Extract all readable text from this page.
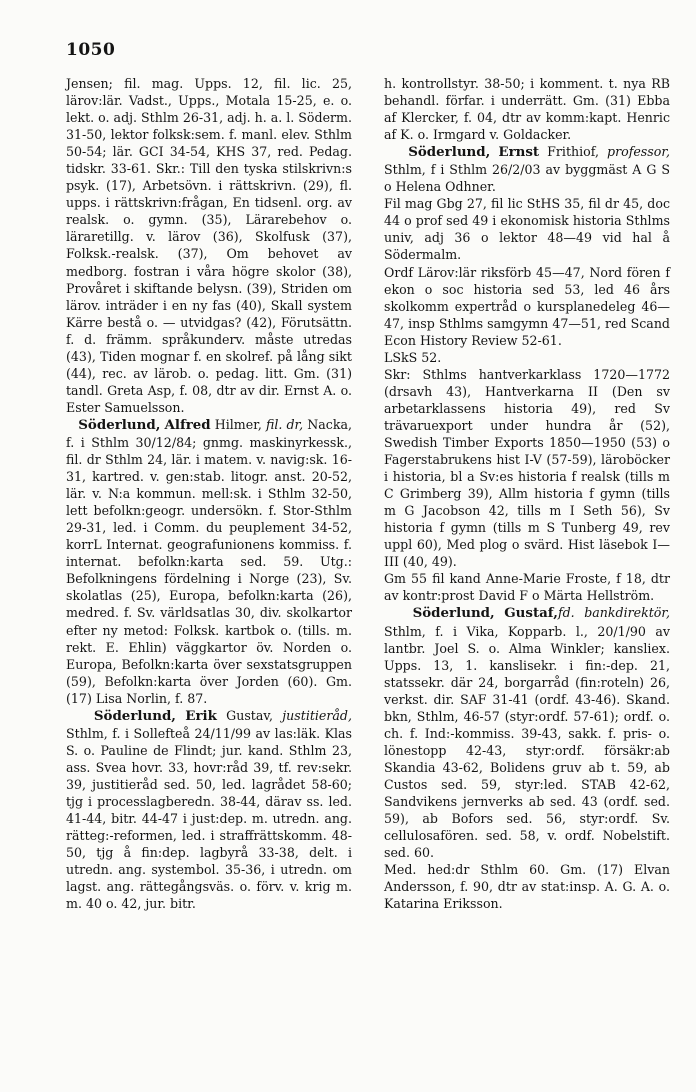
1050

Jensen; fil. mag. Upps. 12, fil. lic. 25, lärov:lär. Vadst., Upps., Motala 15-25, e. o. lekt. o. adj. Sthlm 26-31, adj. h. a. l. Söderm. 31-50, lektor folksk:sem. f. manl. elev. Sthlm 50-54; lär. GCI 34-54, KHS 37, red. Pedag. tidskr. 33-61. Skr.: Till den tyska stilskrivn:s psyk. (17), Arbetsövn. i rättskrivn. (29), fl. upps. i rättskrivn:frågan, En tidsenl. org. av realsk. o. gymn. (35), Lärarebehov o. läraretillg. v. lärov (36), Skolfusk (37), Folksk.-realsk. (37), Om behovet av medborg. fostran i våra högre skolor (38), Provåret i skiftande belysn. (39), Striden om lärov. inträder i en ny fas (40), Skall system Kärre bestå o. — utvidgas? (42), Förutsättn. f. d. främm. språkunderv. måste utredas (43), Tiden mognar f. en skolref. på lång sikt (44), rec. av lärob. o. pedag. litt. Gm. (31) tandl. Greta Asp, f. 08, dtr av dir. Ernst A. o. Ester Samuelsson.

Söderlund, Alfred Hilmer, fil. dr, Nacka, f. i Sthlm 30/12/84; gnmg. maskinyrkessk., fil. dr Sthlm 24, lär. i matem. v. navig:sk. 16-31, kartred. v. gen:stab. litogr. anst. 20-52, lär. v. N:a kommun. mell:sk. i Sthlm 32-50, lett befolkn:geogr. undersökn. f. Stor-Sthlm 29-31, led. i Comm. du peuplement 34-52, korrL Internat. geografunionens kommiss. f. internat. befolkn:karta sed. 59. Utg.: Befolkningens fördelning i Norge (23), Sv. skolatlas (25), Europa, befolkn:karta (26), medred. f. Sv. världsatlas 30, div. skolkartor efter ny metod: Folksk. kartbok o. (tills. m. rekt. E. Ehlin) väggkartor öv. Norden o. Europa, Befolkn:karta över sexstatsgruppen (59), Befolkn:karta över Jorden (60). Gm. (17) Lisa Norlin, f. 87.

Söderlund, Erik Gustav, justitieråd, Sthlm, f. i Sollefteå 24/11/99 av las:läk. Klas S. o. Pauline de Flindt; jur. kand. Sthlm 23, ass. Svea hovr. 33, hovr:råd 39, tf. rev:sekr. 39, justitieråd sed. 50, led. lagrådet 58-60; tjg i processlagberedn. 38-44, därav ss. led. 41-44, bitr. 44-47 i just:dep. m. utredn. ang. rätteg:-reformen, led. i straffrättskomm. 48-50, tjg å fin:dep. lagbyrå 33-38, delt. i utredn. ang. systembol. 35-36, i utredn. om lagst. ang. rättegångsväs. o. förv. v. krig m. m. 40 o. 42, jur. bitr.

h. kontrollstyr. 38-50; i komment. t. nya RB behandl. förfar. i underrätt. Gm. (31) Ebba af Klercker, f. 04, dtr av komm:kapt. Henric af K. o. Irmgard v. Goldacker.

Söderlund, Ernst Frithiof, professor, Sthlm, f i Sthlm 26/2/03 av byggmäst A G S o Helena Odhner.

Fil mag Gbg 27, fil lic StHS 35, fil dr 45, doc 44 o prof sed 49 i ekonomisk historia Sthlms univ, adj 36 o lektor 48—49 vid hal å Södermalm.

Ordf Lärov:lär riksförb 45—47, Nord fören f ekon o soc historia sed 53, led 46 års skolkomm expertråd o kursplanedeleg 46—47, insp Sthlms samgymn 47—51, red Scand Econ History Review 52-61.

LSkS 52.

Skr: Sthlms hantverkarklass 1720—1772 (drsavh 43), Hantverkarna II (Den sv arbetarklassens historia 49), red Sv trävaruexport under hundra år (52), Swedish Timber Exports 1850—1950 (53) o Fagerstabrukens hist I-V (57-59), läroböcker i historia, bl a Sv:es historia f realsk (tills m C Grimberg 39), Allm historia f gymn (tills m G Jacobson 42, tills m I Seth 56), Sv historia f gymn (tills m S Tunberg 49, rev uppl 60), Med plog o svärd. Hist läsebok I—III (40, 49).

Gm 55 fil kand Anne-Marie Froste, f 18, dtr av kontr:prost David F o Märta Hellström.

Söderlund, Gustaf,fd. bankdirektör, Sthlm, f. i Vika, Kopparb. l., 20/1/90 av lantbr. Joel S. o. Alma Winkler; kansliex. Upps. 13, 1. kanslisekr. i fin:-dep. 21, statssekr. där 24, borgarråd (fin:roteln) 26, verkst. dir. SAF 31-41 (ordf. 43-46). Skand. bkn, Sthlm, 46-57 (styr:ordf. 57-61); ordf. o. ch. f. Ind:-kommiss. 39-43, sakk. f. pris- o. lönestopp 42-43, styr:ordf. försäkr:ab Skandia 43-62, Bolidens gruv ab t. 59, ab Custos sed. 59, styr:led. STAB 42-62, Sandvikens jernverks ab sed. 43 (ordf. sed. 59), ab Bofors sed. 56, styr:ordf. Sv. cellulosafören. sed. 58, v. ordf. Nobelstift. sed. 60.

Med. hed:dr Sthlm 60. Gm. (17) Elvan Andersson, f. 90, dtr av stat:insp. A. G. A. o. Katarina Eriksson.
